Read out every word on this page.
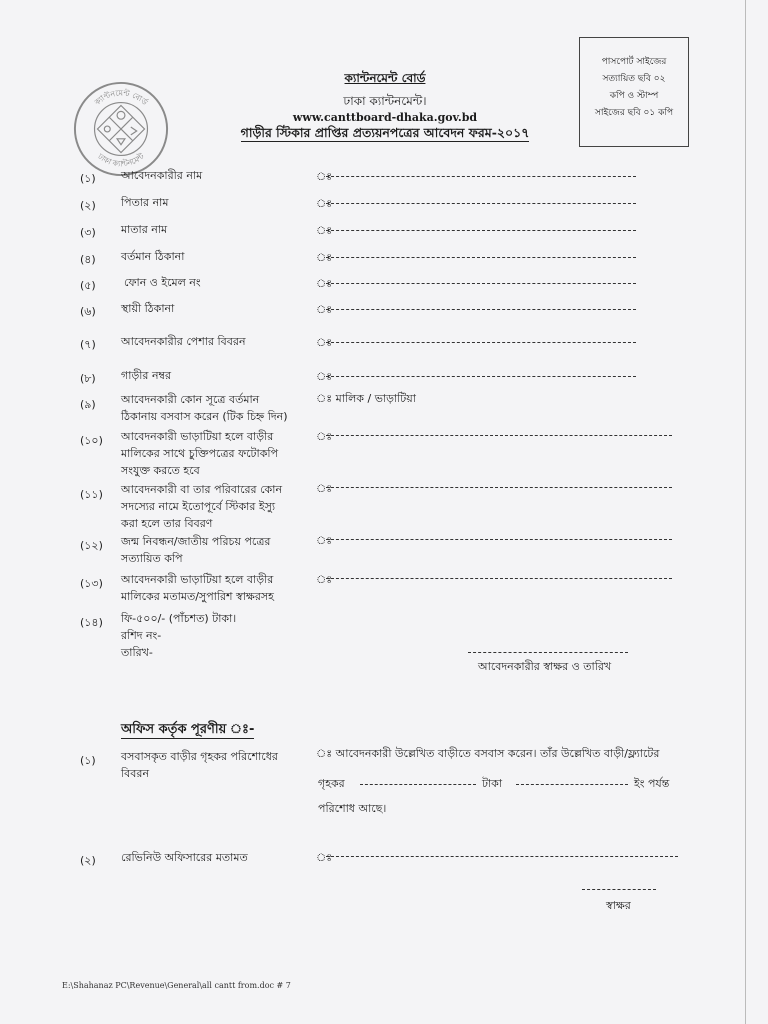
ক্যান্টনমেন্ট বোর্ড
ঢাকা ক্যান্টনমেন্ট
পাসপোর্ট সাইজের
সত্যায়িত ছবি ০২
কপি ও স্টাম্প
সাইজের ছবি ০১ কপি
ক্যান্টনমেন্ট বোর্ড
ঢাকা ক্যান্টনমেন্ট।
www.canttboard-dhaka.gov.bd
গাড়ীর স্টিকার প্রাপ্তির প্রত্যয়নপত্রের আবেদন ফরম-২০১৭
(১) আবেদনকারীর নাম	ঃ
(২) পিতার নাম	ঃ
(৩) মাতার নাম	ঃ
(৪) বর্তমান ঠিকানা	ঃ
(৫)	ফোন ও ইমেল নং	ঃ
(৬) স্থায়ী ঠিকানা	ঃ
(৭) আবেদনকারীর পেশার বিবরন	ঃ
(৮) গাড়ীর নম্বর	ঃ
(৯) আবেদনকারী কোন সূত্রে বর্তমান
ঠিকানায় বসবাস করেন (টিক চিহ্ন দিন)
ঃ মালিক / ভাড়াটিয়া
(১০) আবেদনকারী ভাড়াটিয়া হলে বাড়ীর
মালিকের সাথে চুক্তিপত্রের ফটোকপি
সংযুক্ত করতে হবে
ঃ
(১১) আবেদনকারী বা তার পরিবারের কোন
সদস্যের নামে ইতোপূর্বে স্টিকার ইস্যু
করা হলে তার বিবরণ
ঃ
(১২) জন্ম নিবন্ধন/জাতীয় পরিচয় পত্রের
সত্যায়িত কপি
ঃ
(১৩) আবেদনকারী ভাড়াটিয়া হলে বাড়ীর
মালিকের মতামত/সুপারিশ স্বাক্ষরসহ
ঃ
(১৪) ফি-৫০০/- (পাঁচশত) টাকা।
রশিদ নং-
তারিখ-
আবেদনকারীর স্বাক্ষর ও তারিখ
অফিস কর্তৃক পূরণীয় ঃ-
(১) বসবাসকৃত বাড়ীর গৃহকর পরিশোধের
বিবরন
ঃ আবেদনকারী উল্লেখিত বাড়ীতে বসবাস করেন। তাঁর উল্লেখিত বাড়ী/ফ্ল্যাটের
গৃহকর	টাকা	ইং পর্যন্ত
পরিশোধ আছে।
(২) রেভিনিউ অফিসারের মতামত	ঃ
স্বাক্ষর
E:\Shahanaz PC\Revenue\General\all cantt from.doc # 7
